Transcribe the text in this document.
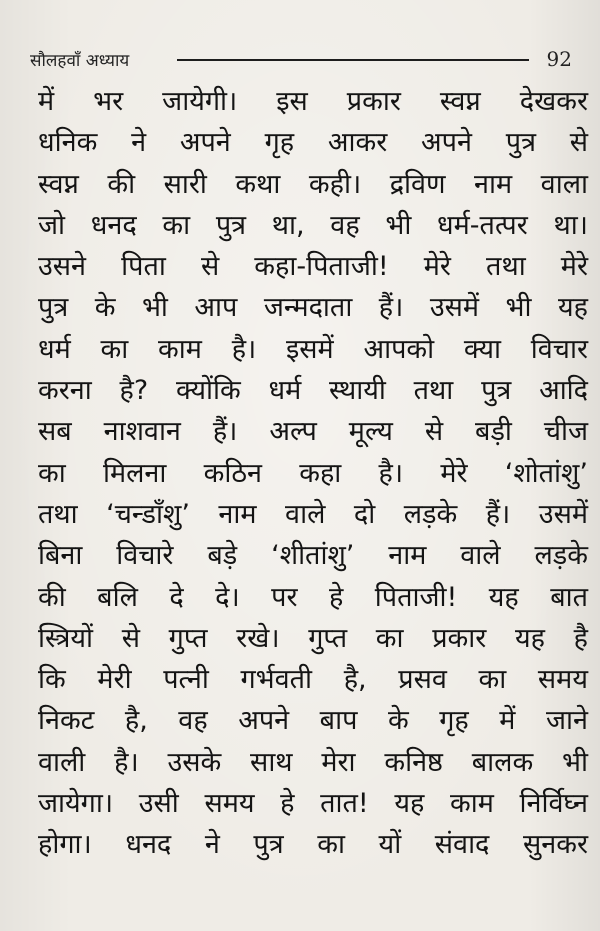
सौलहवाँ अध्याय	92
में भर जायेगी। इस प्रकार स्वप्न देखकर
धनिक ने अपने गृह आकर अपने पुत्र से
स्वप्न की सारी कथा कही। द्रविण नाम वाला
जो धनद का पुत्र था, वह भी धर्म-तत्पर था।
उसने पिता से कहा-पिताजी! मेरे तथा मेरे
पुत्र के भी आप जन्मदाता हैं। उसमें भी यह
धर्म का काम है। इसमें आपको क्या विचार
करना है? क्योंकि धर्म स्थायी तथा पुत्र आदि
सब नाशवान हैं। अल्प मूल्य से बड़ी चीज
का मिलना कठिन कहा है। मेरे ‘शोतांशु’
तथा ‘चन्डाँशु’ नाम वाले दो लड़के हैं। उसमें
बिना विचारे बड़े ‘शीतांशु’ नाम वाले लड़के
की बलि दे दे। पर हे पिताजी! यह बात
स्त्रियों से गुप्त रखे। गुप्त का प्रकार यह है
कि मेरी पत्नी गर्भवती है, प्रसव का समय
निकट है, वह अपने बाप के गृह में जाने
वाली है। उसके साथ मेरा कनिष्ठ बालक भी
जायेगा। उसी समय हे तात! यह काम निर्विघ्न
होगा। धनद ने पुत्र का यों संवाद सुनकर
